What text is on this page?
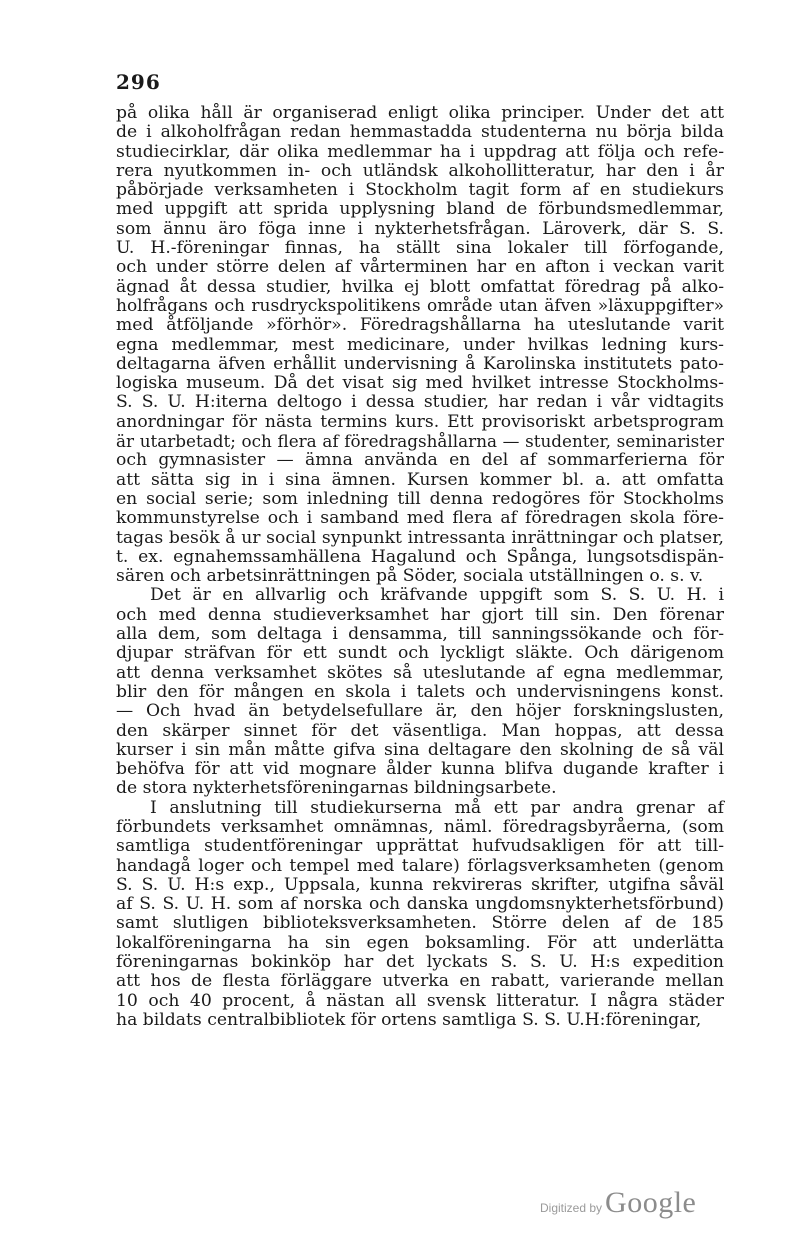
296
på olika håll är organiserad enligt olika principer. Under det att
de i alkoholfrågan redan hemmastadda studenterna nu börja bilda
studiecirklar, där olika medlemmar ha i uppdrag att följa och refe-
rera nyutkommen in- och utländsk alkohollitteratur, har den i år
påbörjade verksamheten i Stockholm tagit form af en studiekurs
med uppgift att sprida upplysning bland de förbundsmedlemmar,
som ännu äro föga inne i nykterhetsfrågan. Läroverk, där S. S.
U. H.-föreningar finnas, ha ställt sina lokaler till förfogande,
och under större delen af vårterminen har en afton i veckan varit
ägnad åt dessa studier, hvilka ej blott omfattat föredrag på alko-
holfrågans och rusdryckspolitikens område utan äfven »läxuppgifter»
med åtföljande »förhör». Föredragshållarna ha uteslutande varit
egna medlemmar, mest medicinare, under hvilkas ledning kurs-
deltagarna äfven erhållit undervisning å Karolinska institutets pato-
logiska museum. Då det visat sig med hvilket intresse Stockholms-
S. S. U. H:iterna deltogo i dessa studier, har redan i vår vidtagits
anordningar för nästa termins kurs. Ett provisoriskt arbetsprogram
är utarbetadt; och flera af föredragshållarna — studenter, seminarister
och gymnasister — ämna använda en del af sommarferierna för
att sätta sig in i sina ämnen. Kursen kommer bl. a. att omfatta
en social serie; som inledning till denna redogöres för Stockholms
kommunstyrelse och i samband med flera af föredragen skola före-
tagas besök å ur social synpunkt intressanta inrättningar och platser,
t. ex. egnahemssamhällena Hagalund och Spånga, lungsotsdispän-
sären och arbetsinrättningen på Söder, sociala utställningen o. s. v.
Det är en allvarlig och kräfvande uppgift som S. S. U. H. i
och med denna studieverksamhet har gjort till sin. Den förenar
alla dem, som deltaga i densamma, till sanningssökande och för-
djupar sträfvan för ett sundt och lyckligt släkte. Och därigenom
att denna verksamhet skötes så uteslutande af egna medlemmar,
blir den för mången en skola i talets och undervisningens konst.
— Och hvad än betydelsefullare är, den höjer forskningslusten,
den skärper sinnet för det väsentliga. Man hoppas, att dessa
kurser i sin mån måtte gifva sina deltagare den skolning de så väl
behöfva för att vid mognare ålder kunna blifva dugande krafter i
de stora nykterhetsföreningarnas bildningsarbete.
I anslutning till studiekurserna må ett par andra grenar af
förbundets verksamhet omnämnas, näml. föredragsbyråerna, (som
samtliga studentföreningar upprättat hufvudsakligen för att till-
handagå loger och tempel med talare) förlagsverksamheten (genom
S. S. U. H:s exp., Uppsala, kunna rekvireras skrifter, utgifna såväl
af S. S. U. H. som af norska och danska ungdomsnykterhetsförbund)
samt slutligen biblioteksverksamheten. Större delen af de 185
lokalföreningarna ha sin egen boksamling. För att underlätta
föreningarnas bokinköp har det lyckats S. S. U. H:s expedition
att hos de flesta förläggare utverka en rabatt, varierande mellan
10 och 40 procent, å nästan all svensk litteratur. I några städer
ha bildats centralbibliotek för ortens samtliga S. S. U.H:föreningar,
Digitized by Google
